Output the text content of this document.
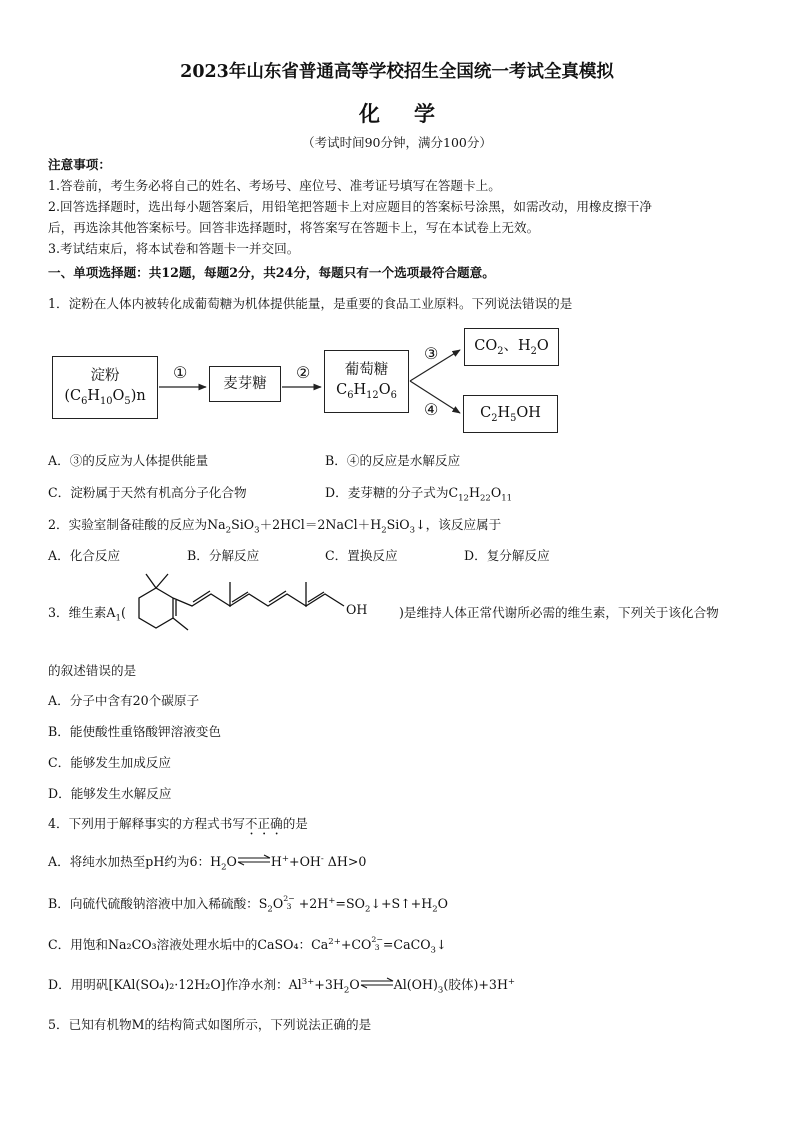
2023年山东省普通高等学校招生全国统一考试全真模拟
化学
（考试时间90分钟，满分100分）
注意事项：
1.答卷前，考生务必将自己的姓名、考场号、座位号、准考证号填写在答题卡上。
2.回答选择题时，选出每小题答案后，用铅笔把答题卡上对应题目的答案标号涂黑，如需改动，用橡皮擦干净
后，再选涂其他答案标号。回答非选择题时，将答案写在答题卡上，写在本试卷上无效。
3.考试结束后，将本试卷和答题卡一并交回。
一、单项选择题：共12题，每题2分，共24分，每题只有一个选项最符合题意。
1．淀粉在人体内被转化成葡萄糖为机体提供能量，是重要的食品工业原料。下列说法错误的是
淀粉
$(C_6H_{10}O_5)n$
麦芽糖
葡萄糖
$C_6H_{12}O_6$
$CO_2$、$H_2O$
$C_2H_5OH$
①	②
③
④
A．③的反应为人体提供能量	B．④的反应是水解反应
C．淀粉属于天然有机高分子化合物	D．麦芽糖的分子式为$C_{12}H_{22}O_{11}$
2．实验室制备硅酸的反应为$Na_2SiO_3+2HCl=2NaCl+H_2SiO_3↓$，该反应属于
A．化合反应	B．分解反应	C．置换反应	D．复分解反应
3．维生素$A_1$(	OH	)是维持人体正常代谢所必需的维生素，下列关于该化合物
的叙述错误的是
A．分子中含有20个碳原子
B．能使酸性重铬酸钾溶液变色
C．能够发生加成反应
D．能够发生水解反应
4．下列用于解释事实的方程式书写不正确的是
A．将纯水加热至pH约为6：$H_2O\rightleftharpoons H^++OH^-$ ΔH>0
B．向硫代硫酸钠溶液中加入稀硫酸：$S_2O2-$
$3 +2H^+=SO_2↓+S↑+H_2O$
C．用饱和Na₂CO₃溶液处理水垢中的CaSO₄：$Ca^{2+}+CO2-$
3 =CaCO$_3$↓
D．用明矾[KAl(SO₄)₂·12H₂O]作净水剂：$Al^{3+}+3H_2O\rightleftharpoons Al(OH)_3$(胶体)+3H+
5．已知有机物M的结构简式如图所示，下列说法正确的是
